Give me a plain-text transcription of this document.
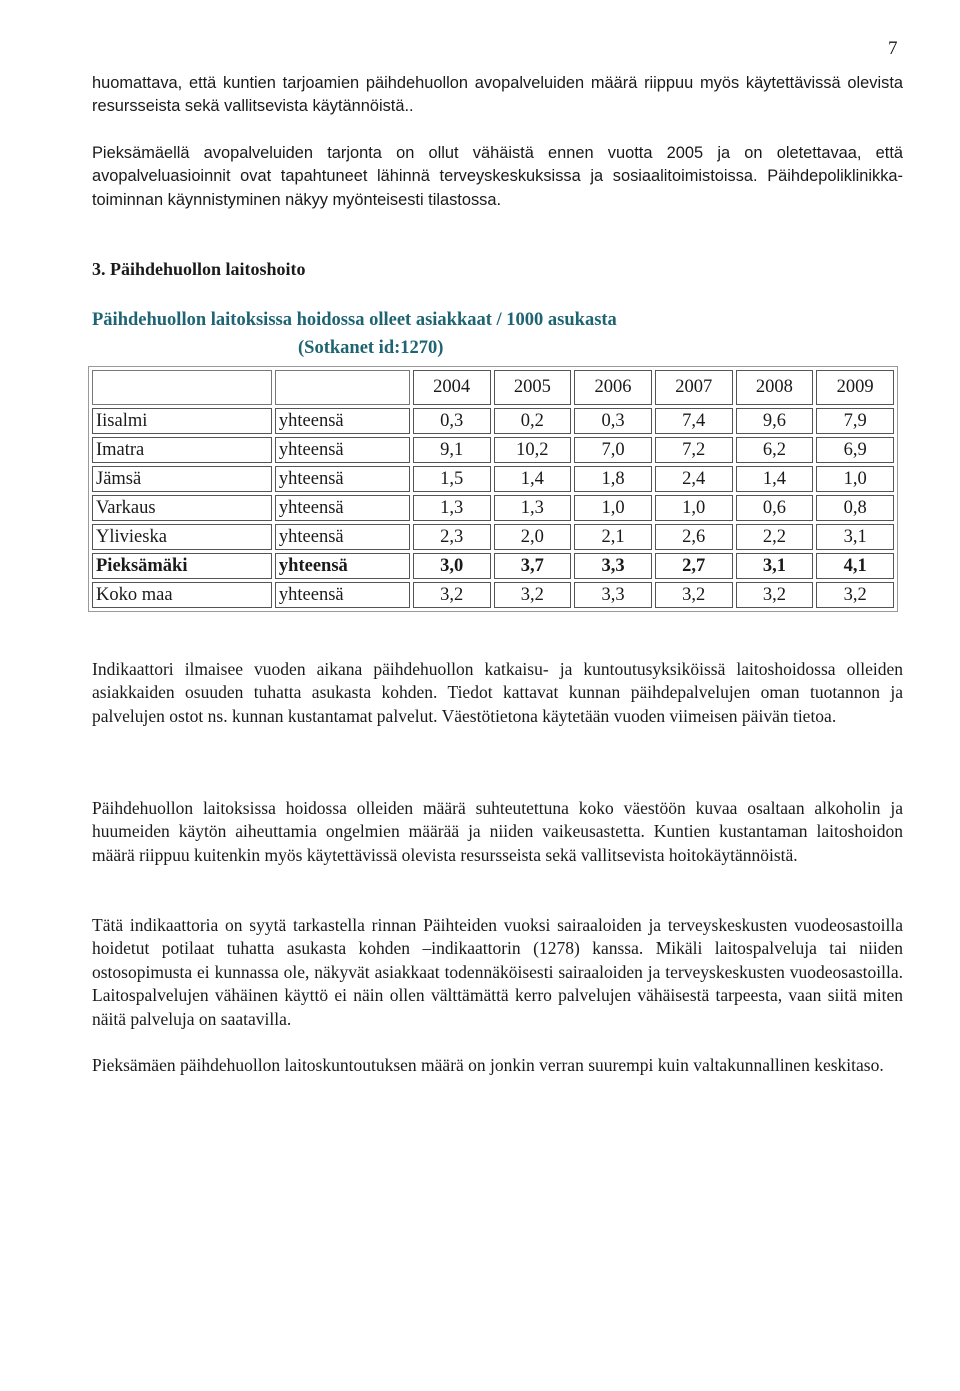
7

huomattava, että kuntien tarjoamien päihdehuollon avopalveluiden määrä riippuu myös käytettävissä olevista resursseista sekä vallitsevista käytännöistä..

Pieksämäellä avopalveluiden tarjonta on ollut vähäistä ennen vuotta 2005 ja on oletettavaa, että avopalveluasioinnit ovat tapahtuneet lähinnä terveyskeskuksissa ja sosiaalitoimistoissa. Päihdepoliklinikka- toiminnan käynnistyminen näkyy myönteisesti tilastossa.

3. Päihdehuollon laitoshoito
Päihdehuollon laitoksissa hoidossa olleet asiakkaat / 1000 asukasta
(Sotkanet id:1270)
		2004	2005	2006	2007	2008	2009
Iisalmi	yhteensä	0,3	0,2	0,3	7,4	9,6	7,9
Imatra	yhteensä	9,1	10,2	7,0	7,2	6,2	6,9
Jämsä	yhteensä	1,5	1,4	1,8	2,4	1,4	1,0
Varkaus	yhteensä	1,3	1,3	1,0	1,0	0,6	0,8
Ylivieska	yhteensä	2,3	2,0	2,1	2,6	2,2	3,1
Pieksämäki	yhteensä	3,0	3,7	3,3	2,7	3,1	4,1
Koko maa	yhteensä	3,2	3,2	3,3	3,2	3,2	3,2

Indikaattori ilmaisee vuoden aikana päihdehuollon katkaisu- ja kuntoutusyksiköissä laitoshoidossa olleiden asiakkaiden osuuden tuhatta asukasta kohden. Tiedot kattavat kunnan päihdepalvelujen oman tuotannon ja palvelujen ostot ns. kunnan kustantamat palvelut. Väestötietona käytetään vuoden viimeisen päivän tietoa.

Päihdehuollon laitoksissa hoidossa olleiden määrä suhteutettuna koko väestöön kuvaa osaltaan alkoholin ja huumeiden käytön aiheuttamia ongelmien määrää ja niiden vaikeusastetta. Kuntien kustantaman laitoshoidon määrä riippuu kuitenkin myös käytettävissä olevista resursseista sekä vallitsevista hoitokäytännöistä.

Tätä indikaattoria on syytä tarkastella rinnan Päihteiden vuoksi sairaaloiden ja terveyskeskusten vuodeosastoilla hoidetut potilaat tuhatta asukasta kohden –indikaattorin (1278) kanssa. Mikäli laitospalveluja tai niiden ostosopimusta ei kunnassa ole, näkyvät asiakkaat todennäköisesti sairaaloiden ja terveyskeskusten vuodeosastoilla. Laitospalvelujen vähäinen käyttö ei näin ollen välttämättä kerro palvelujen vähäisestä tarpeesta, vaan siitä miten näitä palveluja on saatavilla.

Pieksämäen päihdehuollon laitoskuntoutuksen määrä on jonkin verran suurempi kuin valtakunnallinen keskitaso.
